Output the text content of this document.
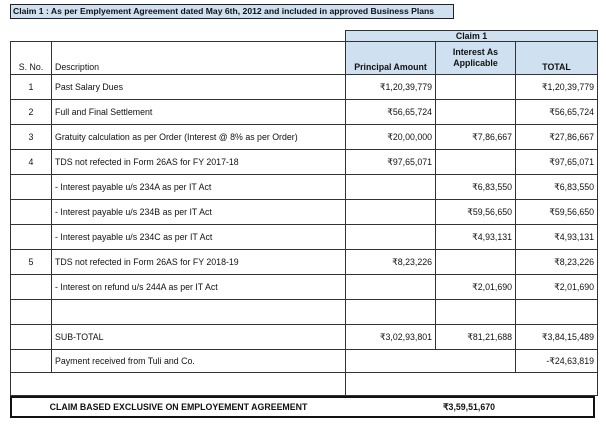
Claim 1 : As per Emplyement Agreement dated May 6th, 2012 and included in approved Business Plans
		Claim 1		
S. No.	Description	Principal Amount	Interest As Applicable	TOTAL
1	Past Salary Dues	₹1,20,39,779		₹1,20,39,779
2	Full and Final Settlement	₹56,65,724		₹56,65,724
3	Gratuity calculation as per Order (Interest @ 8% as per Order)	₹20,00,000	₹7,86,667	₹27,86,667
4	TDS not refected in Form 26AS for FY 2017-18	₹97,65,071		₹97,65,071
	- Interest payable u/s 234A as per IT Act		₹6,83,550	₹6,83,550
	- Interest payable u/s 234B as per IT Act		₹59,56,650	₹59,56,650
	- Interest payable u/s 234C as per IT Act		₹4,93,131	₹4,93,131
5	TDS not refected in Form 26AS for FY 2018-19	₹8,23,226		₹8,23,226
	- Interest on refund u/s 244A as per IT Act		₹2,01,690	₹2,01,690

	SUB-TOTAL	₹3,02,93,801	₹81,21,688	₹3,84,15,489
	Payment received from Tuli and Co.			-₹24,63,819

CLAIM BASED EXCLUSIVE ON EMPLOYEMENT AGREEMENT	₹3,59,51,670
